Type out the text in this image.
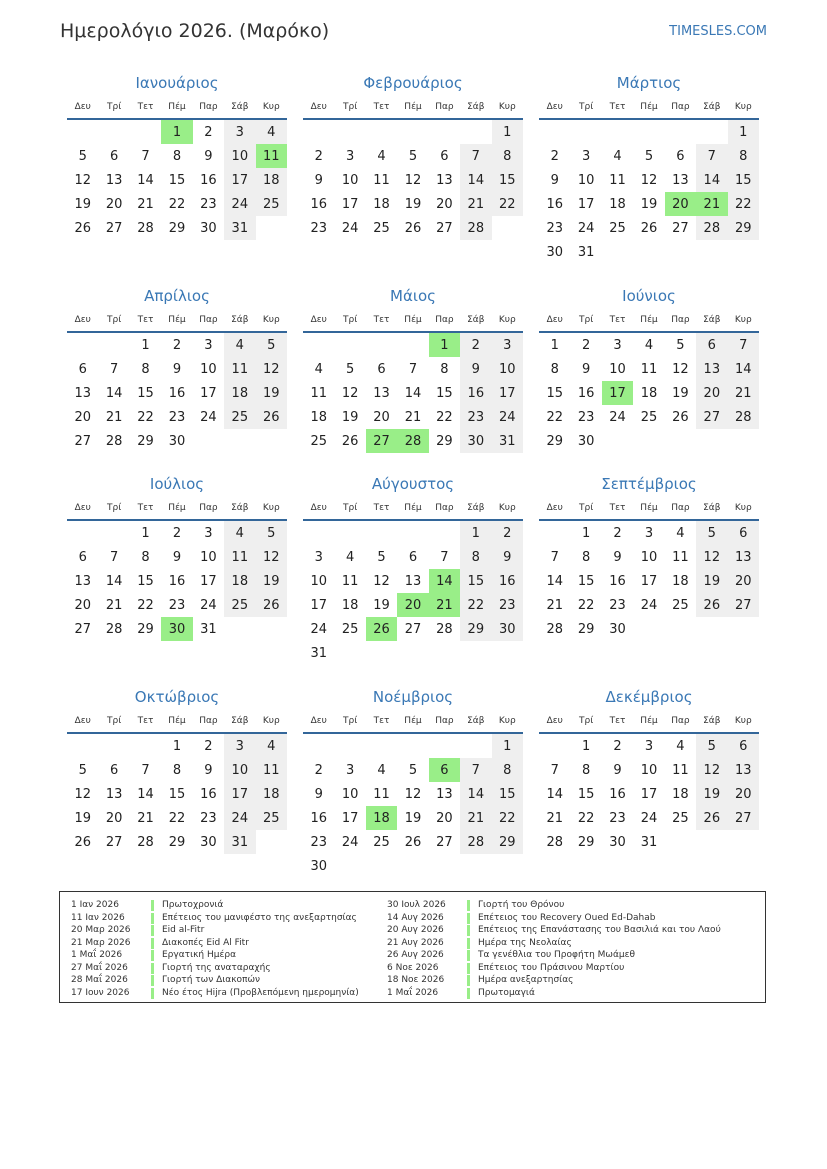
Ημερολόγιο 2026. (Μαρόκο)	TIMESLES.COM
Ιανουάριος
Δευ	Τρί	Τετ	Πέμ	Παρ	Σάβ	Κυρ
			1	2	3	4
5	6	7	8	9	10	11
12	13	14	15	16	17	18
19	20	21	22	23	24	25
26	27	28	29	30	31	
Φεβρουάριος
Δευ	Τρί	Τετ	Πέμ	Παρ	Σάβ	Κυρ
						1
2	3	4	5	6	7	8
9	10	11	12	13	14	15
16	17	18	19	20	21	22
23	24	25	26	27	28	
Μάρτιος
Δευ	Τρί	Τετ	Πέμ	Παρ	Σάβ	Κυρ
						1
2	3	4	5	6	7	8
9	10	11	12	13	14	15
16	17	18	19	20	21	22
23	24	25	26	27	28	29
30	31					
Απρίλιος
Δευ	Τρί	Τετ	Πέμ	Παρ	Σάβ	Κυρ
		1	2	3	4	5
6	7	8	9	10	11	12
13	14	15	16	17	18	19
20	21	22	23	24	25	26
27	28	29	30			
Μάιος
Δευ	Τρί	Τετ	Πέμ	Παρ	Σάβ	Κυρ
				1	2	3
4	5	6	7	8	9	10
11	12	13	14	15	16	17
18	19	20	21	22	23	24
25	26	27	28	29	30	31
Ιούνιος
Δευ	Τρί	Τετ	Πέμ	Παρ	Σάβ	Κυρ
1	2	3	4	5	6	7
8	9	10	11	12	13	14
15	16	17	18	19	20	21
22	23	24	25	26	27	28
29	30					
Ιούλιος
Δευ	Τρί	Τετ	Πέμ	Παρ	Σάβ	Κυρ
		1	2	3	4	5
6	7	8	9	10	11	12
13	14	15	16	17	18	19
20	21	22	23	24	25	26
27	28	29	30	31		
Αύγουστος
Δευ	Τρί	Τετ	Πέμ	Παρ	Σάβ	Κυρ
					1	2
3	4	5	6	7	8	9
10	11	12	13	14	15	16
17	18	19	20	21	22	23
24	25	26	27	28	29	30
31						
Σεπτέμβριος
Δευ	Τρί	Τετ	Πέμ	Παρ	Σάβ	Κυρ
	1	2	3	4	5	6
7	8	9	10	11	12	13
14	15	16	17	18	19	20
21	22	23	24	25	26	27
28	29	30				
Οκτώβριος
Δευ	Τρί	Τετ	Πέμ	Παρ	Σάβ	Κυρ
			1	2	3	4
5	6	7	8	9	10	11
12	13	14	15	16	17	18
19	20	21	22	23	24	25
26	27	28	29	30	31	
Νοέμβριος
Δευ	Τρί	Τετ	Πέμ	Παρ	Σάβ	Κυρ
						1
2	3	4	5	6	7	8
9	10	11	12	13	14	15
16	17	18	19	20	21	22
23	24	25	26	27	28	29
30						
Δεκέμβριος
Δευ	Τρί	Τετ	Πέμ	Παρ	Σάβ	Κυρ
	1	2	3	4	5	6
7	8	9	10	11	12	13
14	15	16	17	18	19	20
21	22	23	24	25	26	27
28	29	30	31			
1 Ιαν 2026	Πρωτοχρονιά
11 Ιαν 2026	Επέτειος του μανιφέστο της ανεξαρτησίας
20 Μαρ 2026	Eid al-Fitr
21 Μαρ 2026	Διακοπές Eid Al Fitr
1 Μαΐ 2026	Εργατική Ημέρα
27 Μαΐ 2026	Γιορτή της αναταραχής
28 Μαΐ 2026	Γιορτή των Διακοπών
17 Ιουν 2026	Νέο έτος Hijra (Προβλεπόμενη ημερομηνία)
30 Ιουλ 2026	Γιορτή του Θρόνου
14 Αυγ 2026	Επέτειος του Recovery Oued Ed-Dahab
20 Αυγ 2026	Επέτειος της Επανάστασης του Βασιλιά και του Λαού
21 Αυγ 2026	Ημέρα της Νεολαίας
26 Αυγ 2026	Τα γενέθλια του Προφήτη Μωάμεθ
6 Νοε 2026	Επέτειος του Πράσινου Μαρτίου
18 Νοε 2026	Ημέρα ανεξαρτησίας
1 Μαΐ 2026	Πρωτομαγιά
